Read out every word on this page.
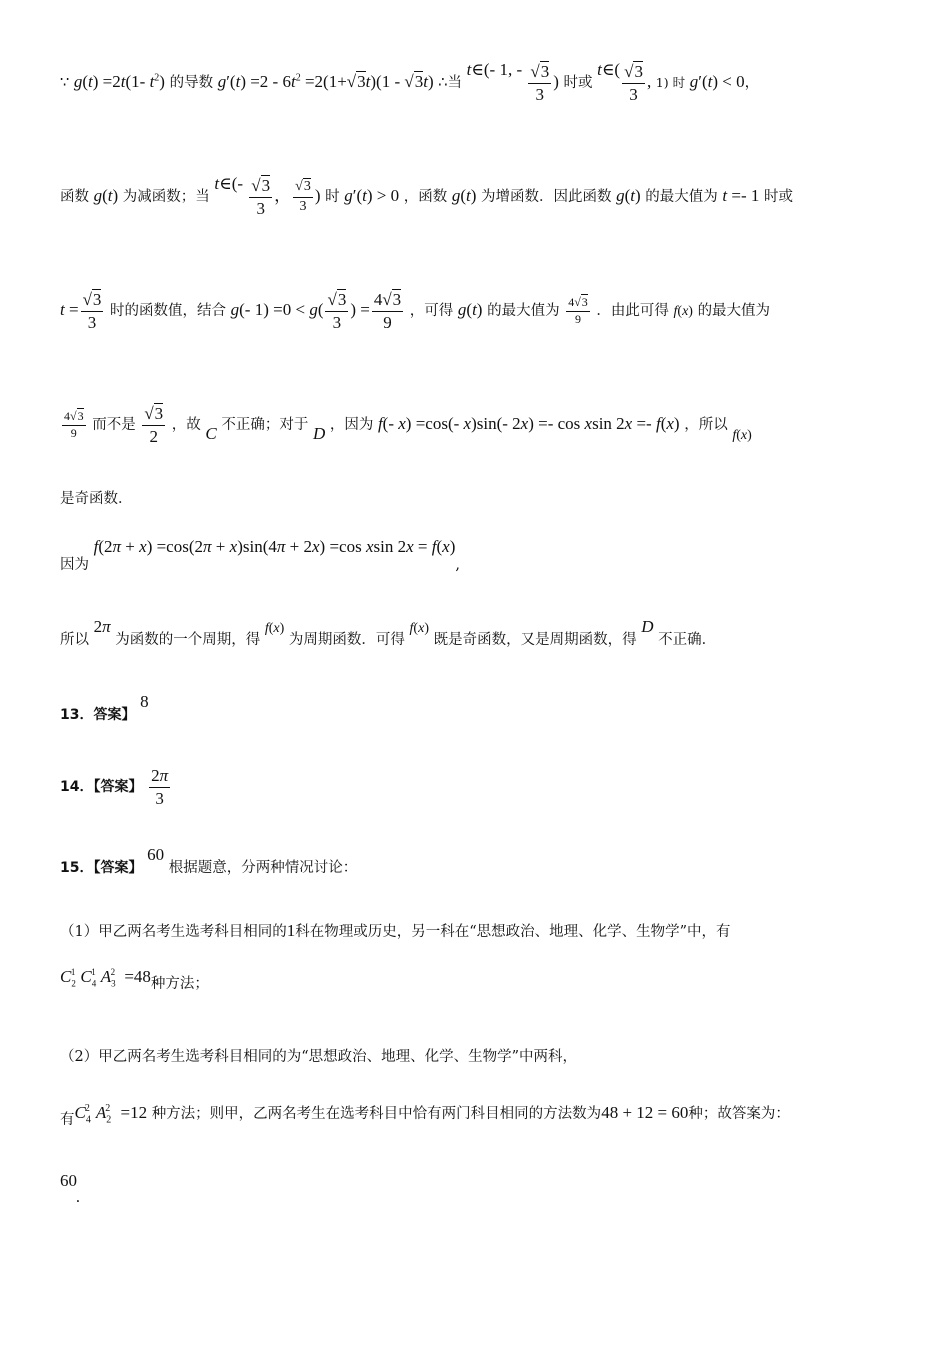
∵ g(t) =2t(1- $t^2$) 的导数 $g'(t) =2 - 6t^2 =2(1+√3t)(1 - √3t)$ ∴当 t∈(- 1, - $\frac{√3}{3}$ ) 时或 t∈( $\frac{√3}{3}$ , 1) 时 g′(t) < 0，
函数 g(t) 为减函数；当 t∈(- $\frac{√3}{3}$ ， $\frac{√3}{3}$ ) 时 g′(t) > 0 ，函数 g(t) 为增函数．因此函数 g(t) 的最大值为 t =- 1 时或
$t = \frac{√3}{3}$ 时的函数值，结合 g(- $1) =0 < g( \frac{√3}{3}$ ) = $\frac{4√3}{9}$ ，可得 g(t) 的最大值为 $\frac{4√3}{9}$ ．由此可得 f(x) 的最大值为
$\frac{4√3}{9}$ 而不是 $\frac{√3}{2}$ ，故 C 不正确；对于 D ，因为 f(- x) =cos(- x)sin(- 2x) =- cos xsin 2x =- f(x) ，所以 f(x)
是奇函数．
因为 f(2π + x) =cos(2π + x)sin(4π + 2x) =cos xsin 2x = f(x),
所以 2π 为函数的一个周期，得 f(x) 为周期函数．可得 f(x) 既是奇函数，又是周期函数，得 D 不正确．
13．答案】 8
14．【答案】 $\frac{2\pi}{3}$
15．【答案】 60 根据题意，分两种情况讨论：
（1）甲乙两名考生选考科目相同的1科在物理或历史，另一科在“思想政治、地理、化学、生物学”中，有
$C_2^1$ $C_4^1$ $A_3^2 =48$种方法；
（2）甲乙两名考生选考科目相同的为“思想政治、地理、化学、生物学”中两科，
有$C_4^2$ $A_2^2 =12$ 种方法；则甲，乙两名考生在选考科目中恰有两门科目相同的方法数为48 + 12 = 60种；故答案为：
60 .
